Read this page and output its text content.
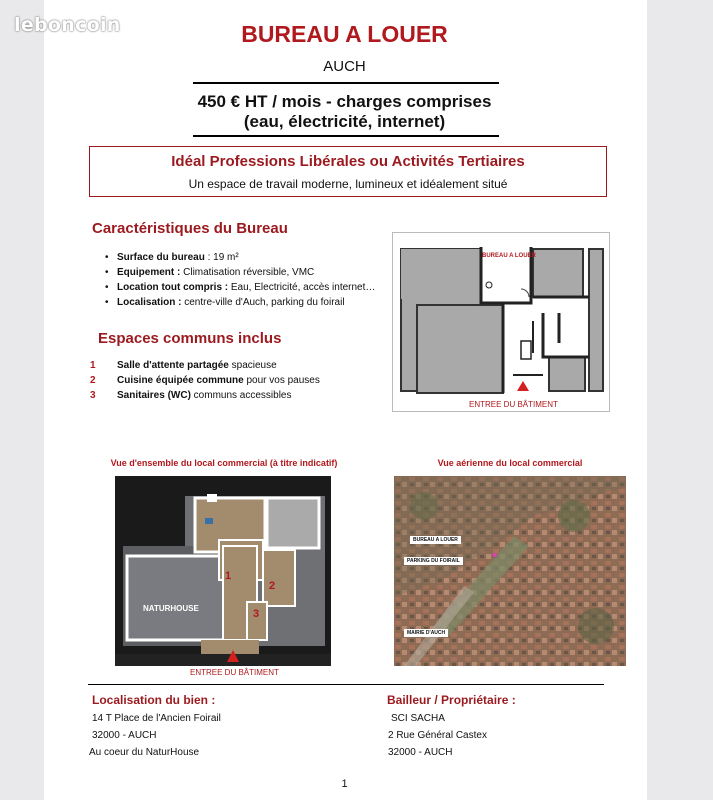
leboncoin	BUREAU A LOUER
AUCH
450 € HT / mois - charges comprises
(eau, électricité, internet)
Idéal Professions Libérales ou Activités Tertiaires
Un espace de travail moderne, lumineux et idéalement situé
Caractéristiques du Bureau
• Surface du bureau : 19 m²
• Equipement : Climatisation réversible, VMC
• Location tout compris : Eau, Electricité, accès internet…
• Localisation : centre-ville d'Auch, parking du foirail
Espaces communs inclus
1 Salle d'attente partagée spacieuse
2 Cuisine équipée commune pour vos pauses
3 Sanitaires (WC) communs accessibles
BUREAU A LOUER
ENTREE DU BÂTIMENT
Vue d'ensemble du local commercial (à titre indicatif)
NATURHOUSE
1
2
3
ENTREE DU BÂTIMENT
Vue aérienne du local commercial
BUREAU A LOUER
PARKING DU FOIRAIL
MAIRIE D'AUCH
Localisation du bien :
14 T Place de l'Ancien Foirail
32000 - AUCH
Au coeur du NaturHouse
Bailleur / Propriétaire :
SCI SACHA
2 Rue Général Castex
32000 - AUCH
1
